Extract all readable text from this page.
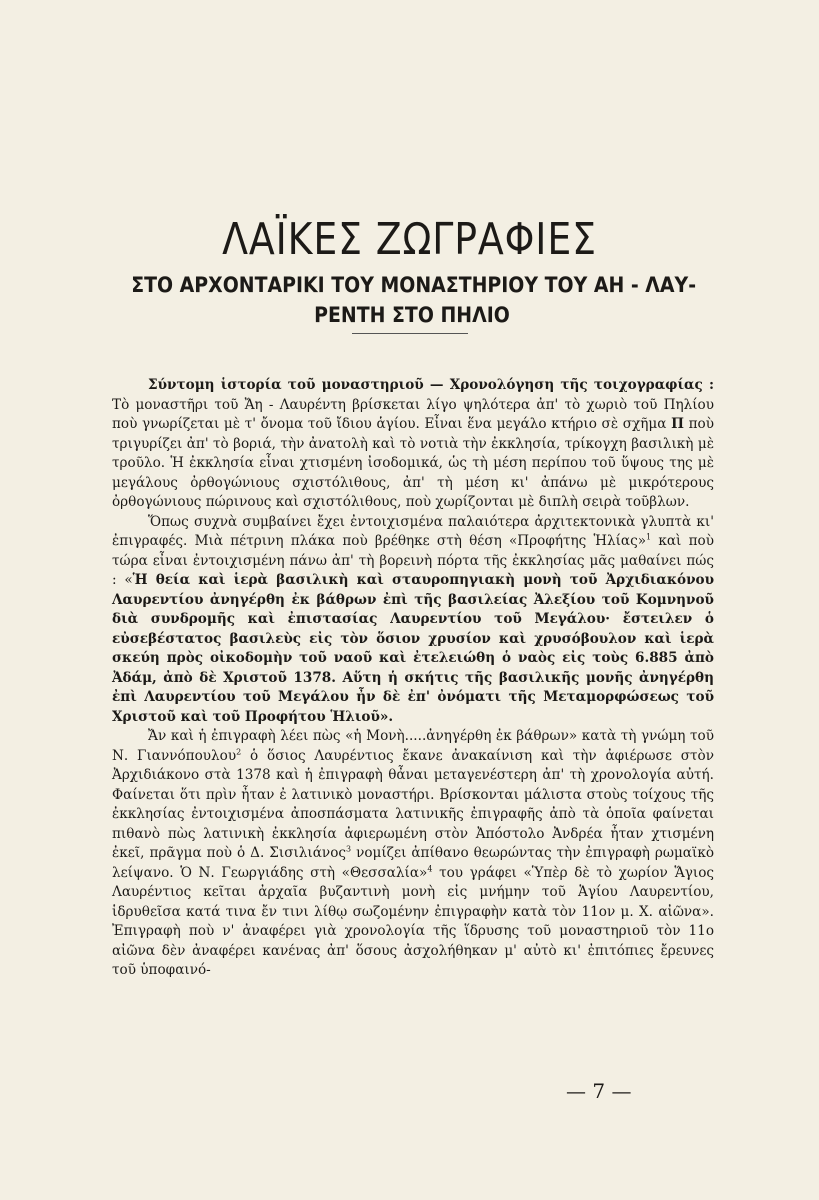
ΛΑΪΚΕΣ ΖΩΓΡΑΦΙΕΣ
ΣΤΟ ΑΡΧΟΝΤΑΡΙΚΙ ΤΟΥ ΜΟΝΑΣΤΗΡΙΟΥ ΤΟΥ ΑΗ - ΛΑΥ-
ΡΕΝΤΗ ΣΤΟ ΠΗΛΙΟ

Σύντομη ἱστορία τοῦ μοναστηριοῦ — Χρονολόγηση τῆς τοιχογραφίας : Τὸ μοναστῆρι τοῦ Ἄη - Λαυρέντη βρίσκεται λίγο ψηλότερα ἀπ' τὸ χωριὸ τοῦ Πηλίου ποὺ γνωρίζεται μὲ τ' ὄνομα τοῦ ἴδιου ἁγίου. Εἶναι ἕνα μεγάλο κτήριο σὲ σχῆμα Π ποὺ τριγυρίζει ἀπ' τὸ βοριά, τὴν ἀνατολὴ καὶ τὸ νοτιὰ τὴν ἐκκλησία, τρίκογχη βασιλικὴ μὲ τροῦλο. Ἡ ἐκκλησία εἶναι χτισμένη ἰσοδομικά, ὡς τὴ μέση περίπου τοῦ ὕψους της μὲ μεγάλους ὀρθογώνιους σχιστόλιθους, ἀπ' τὴ μέση κι' ἀπάνω μὲ μικρότερους ὀρθογώνιους πώρινους καὶ σχιστόλιθους, ποὺ χωρίζονται μὲ διπλὴ σειρὰ τοῦβλων.

Ὅπως συχνὰ συμβαίνει ἔχει ἐντοιχισμένα παλαιότερα ἀρχιτεκτονικὰ γλυπτὰ κι' ἐπιγραφές. Μιὰ πέτρινη πλάκα ποὺ βρέθηκε στὴ θέση «Προφήτης Ἡλίας»$^1$ καὶ ποὺ τώρα εἶναι ἐντοιχισμένη πάνω ἀπ' τὴ βορεινὴ πόρτα τῆς ἐκκλησίας μᾶς μαθαίνει πώς : «Ἡ θεία καὶ ἱερὰ βασιλικὴ καὶ σταυροπηγιακὴ μονὴ τοῦ Ἀρχιδιακόνου Λαυρεντίου ἀνηγέρθη ἐκ βάθρων ἐπὶ τῆς βασιλείας Ἀλεξίου τοῦ Κομνηνοῦ διὰ συνδρομῆς καὶ ἐπιστασίας Λαυρεντίου τοῦ Μεγάλου· ἔστειλεν ὁ εὐσεβέστατος βασιλεὺς εἰς τὸν ὅσιον χρυσίον καὶ χρυσόβουλον καὶ ἱερὰ σκεύη πρὸς οἰκοδομὴν τοῦ ναοῦ καὶ ἐτελειώθη ὁ ναὸς εἰς τοὺς 6.885 ἀπὸ Ἀδάμ, ἀπὸ δὲ Χριστοῦ 1378. Αὕτη ἡ σκήτις τῆς βασιλικῆς μονῆς ἀνηγέρθη ἐπὶ Λαυρεντίου τοῦ Μεγάλου ἦν δὲ ἐπ' ὀνόματι τῆς Μεταμορφώσεως τοῦ Χριστοῦ καὶ τοῦ Προφήτου Ἡλιοῦ».

Ἄν καὶ ἡ ἐπιγραφὴ λέει πὼς «ἡ Μονὴ.....ἀνηγέρθη ἐκ βάθρων» κατὰ τὴ γνώμη τοῦ Ν. Γιαννόπουλου$^2$ ὁ ὅσιος Λαυρέντιος ἔκανε ἀνακαίνιση καὶ τὴν ἀφιέρωσε στὸν Ἀρχιδιάκονο στὰ 1378 καὶ ἡ ἐπιγραφὴ θἆναι μεταγενέστερη ἀπ' τὴ χρονολογία αὐτή. Φαίνεται ὅτι πρὶν ἦταν ἐ λατινικὸ μοναστήρι. Βρίσκονται μάλιστα στοὺς τοίχους τῆς ἐκκλησίας ἐντοιχισμένα ἀποσπάσματα λατινικῆς ἐπιγραφῆς ἀπὸ τὰ ὁποῖα φαίνεται πιθανὸ πὼς λατινικὴ ἐκκλησία ἀφιερωμένη στὸν Ἀπόστολο Ἀνδρέα ἦταν χτισμένη ἐκεῖ, πρᾶγμα ποὺ ὁ Δ. Σισιλιάνος$^3$ νομίζει ἀπίθανο θεωρώντας τὴν ἐπιγραφὴ ρωμαϊκὸ λείψανο. Ὁ Ν. Γεωργιάδης στὴ «Θεσσαλία»$^4$ του γράφει «Ὑπὲρ δὲ τὸ χωρίον Ἅγιος Λαυρέντιος κεῖται ἀρχαῖα βυζαντινὴ μονὴ εἰς μνήμην τοῦ Ἁγίου Λαυρεντίου, ἱδρυθεῖσα κατά τινα ἔν τινι λίθῳ σωζομένην ἐπιγραφὴν κατὰ τὸν 11ον μ. Χ. αἰῶνα». Ἐπιγραφὴ ποὺ ν' ἀναφέρει γιὰ χρονολογία τῆς ἵδρυσης τοῦ μοναστηριοῦ τὸν 11ο αἰῶνα δὲν ἀναφέρει κανένας ἀπ' ὅσους ἀσχολήθηκαν μ' αὐτὸ κι' ἐπιτόπιες ἔρευνες τοῦ ὑποφαινό-

— 7 —
